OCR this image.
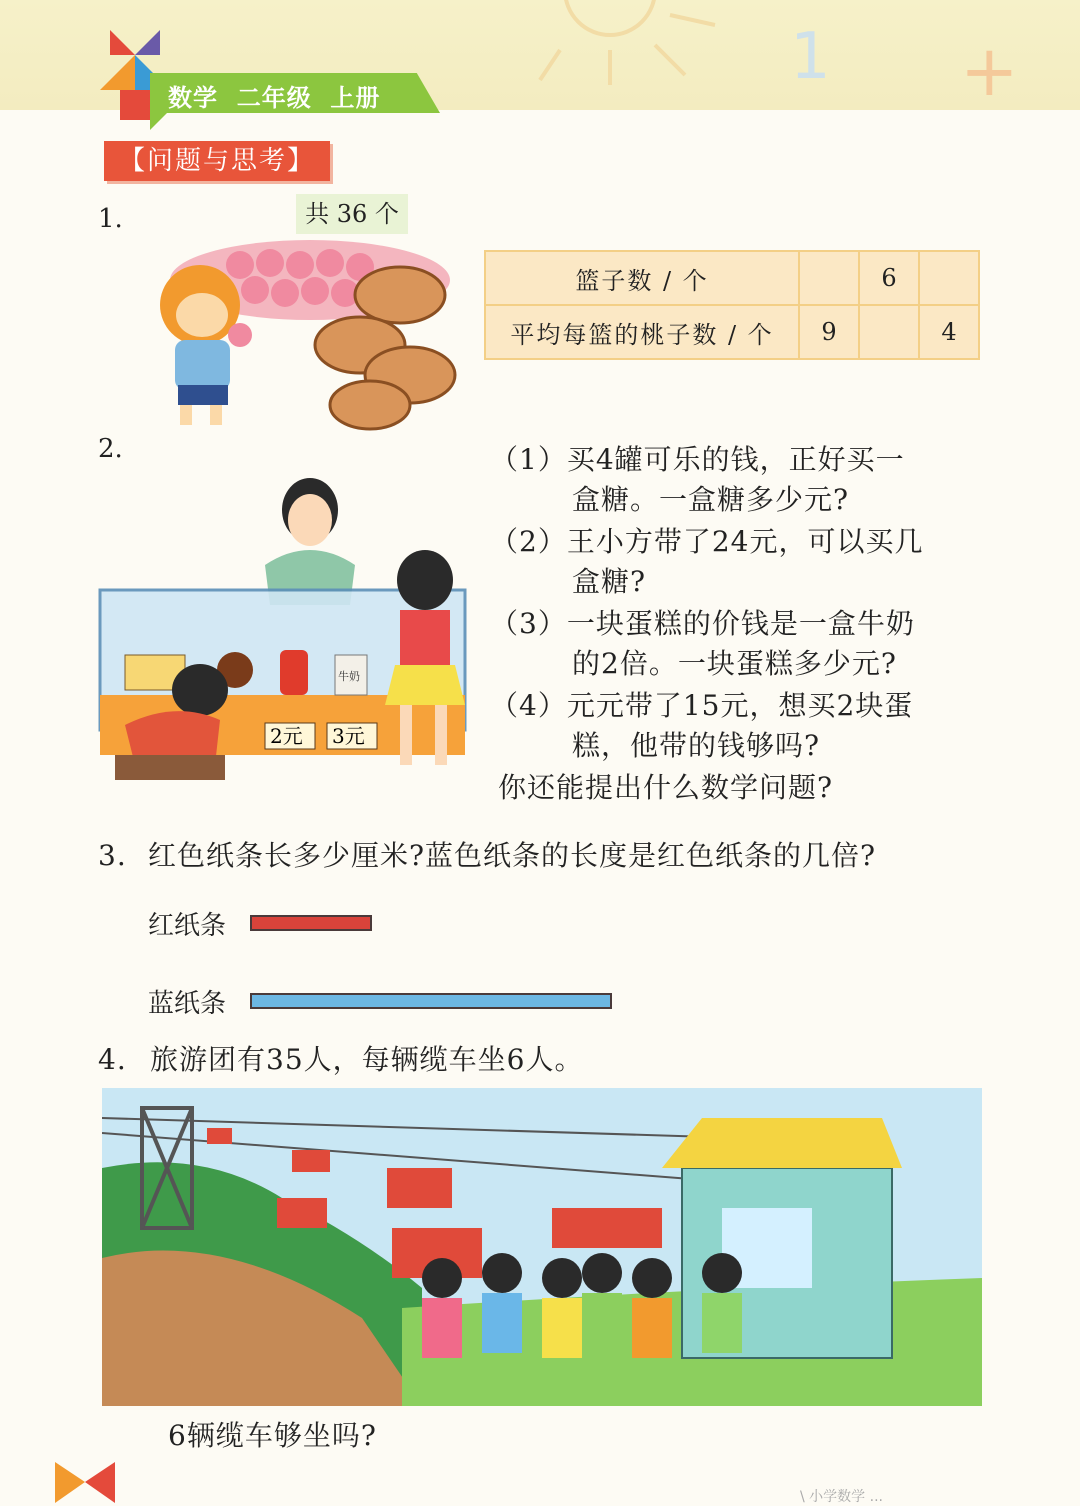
1 +
数学  二年级  上册
【问题与思考】
1.	共 36 个
篮子数 / 个		6	
平均每篮的桃子数 / 个	9		4
2.
牛奶
2元 3元
（1）买4罐可乐的钱，正好买一
盒糖。一盒糖多少元?
（2）王小方带了24元，可以买几
盒糖?
（3）一块蛋糕的价钱是一盒牛奶
的2倍。一块蛋糕多少元?
（4）元元带了15元，想买2块蛋
糕，他带的钱够吗?
你还能提出什么数学问题?
3. 红色纸条长多少厘米?蓝色纸条的长度是红色纸条的几倍?
红纸条
蓝纸条
4. 旅游团有35人，每辆缆车坐6人。
6辆缆车够坐吗?
\ 小学数学 ...
